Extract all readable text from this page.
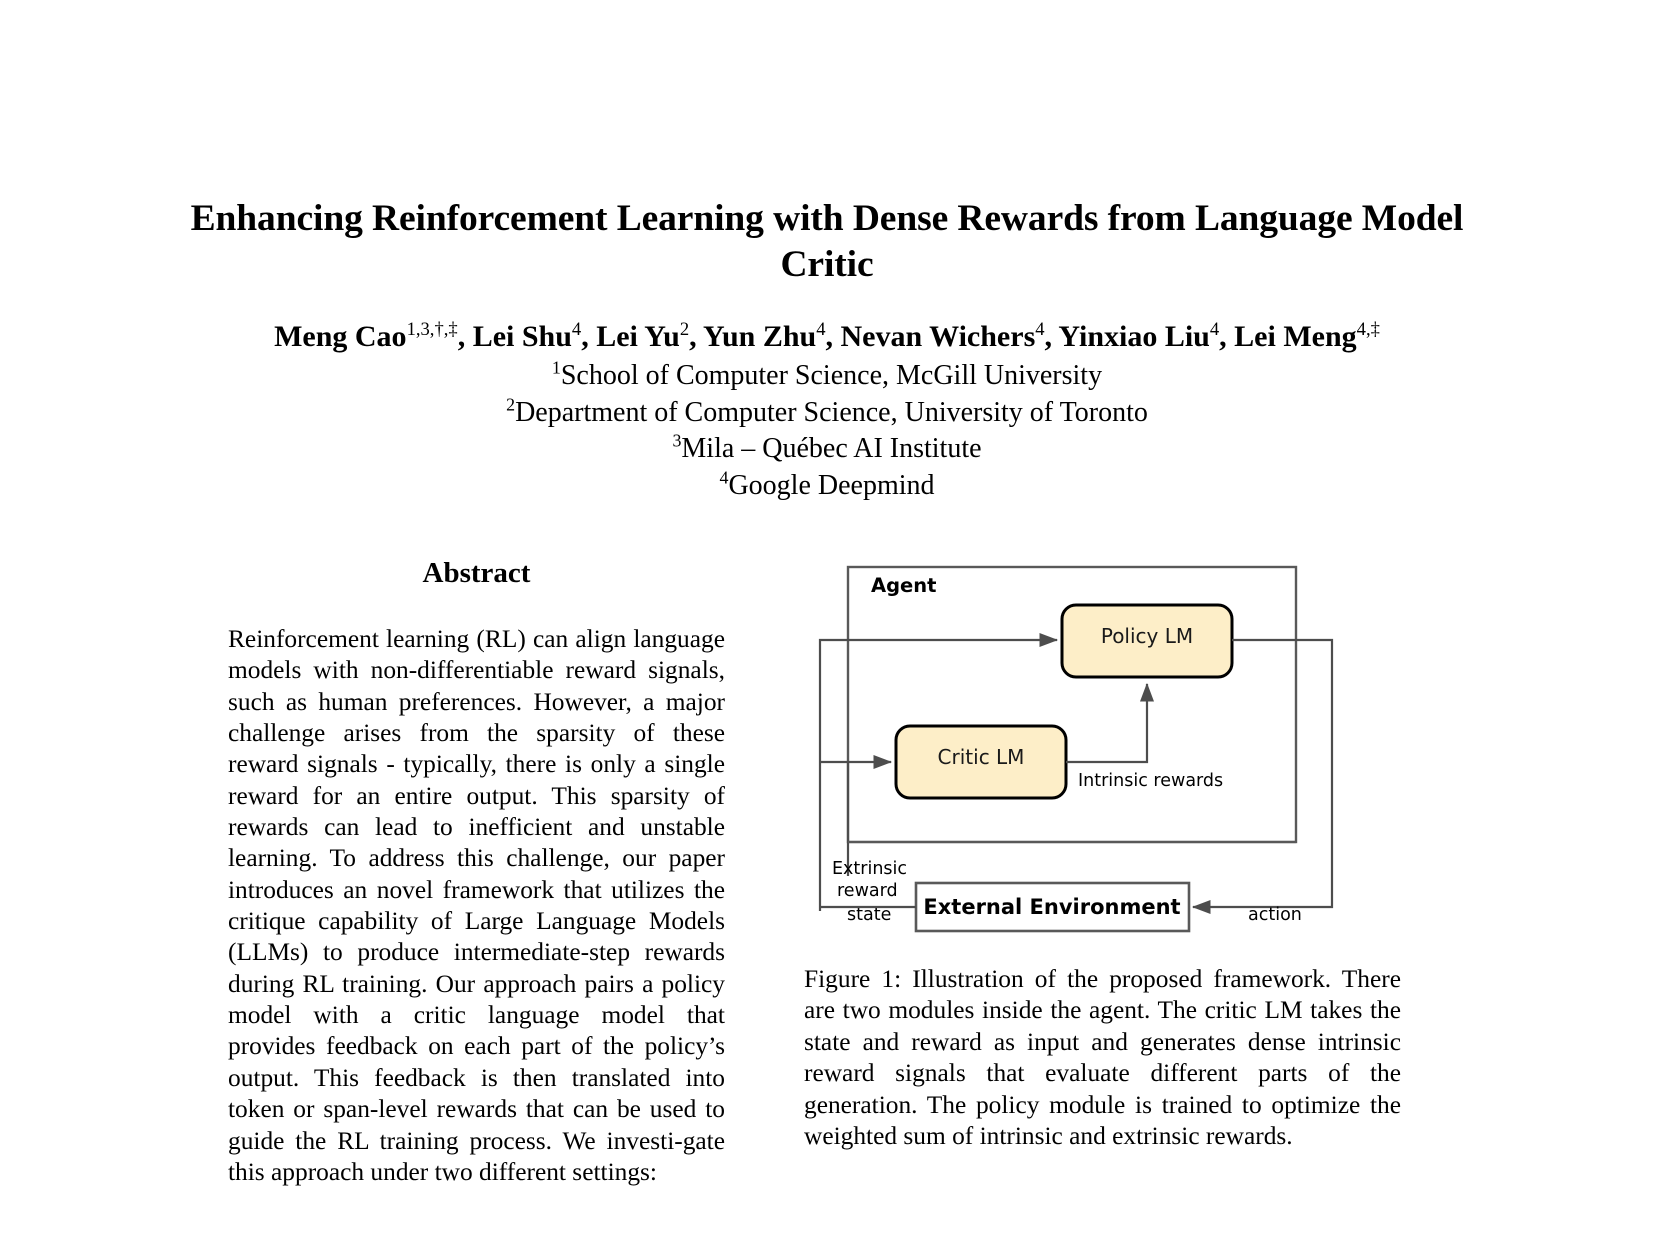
Enhancing Reinforcement Learning with Dense Rewards from Language Model Critic
Meng Cao$^{1,3,\dagger,\ddagger}$, Lei Shu$^4$, Lei Yu$^2$, Yun Zhu$^4$, Nevan Wichers$^4$, Yinxiao Liu$^4$, Lei Meng$^{4,\ddagger}$
$^1$School of Computer Science, McGill University
$^2$Department of Computer Science, University of Toronto
$^3$Mila – Québec AI Institute
$^4$Google Deepmind
Abstract

Reinforcement learning (RL) can align language models with non-differentiable reward signals, such as human preferences. However, a major challenge arises from the sparsity of these reward signals - typically, there is only a single reward for an entire output. This sparsity of rewards can lead to inefficient and unstable learning. To address this challenge, our paper introduces an novel framework that utilizes the critique capability of Large Language Models (LLMs) to produce intermediate-step rewards during RL training. Our approach pairs a policy model with a critic language model that provides feedback on each part of the policy’s output. This feedback is then translated into token or span-level rewards that can be used to guide the RL training process. We investi-gate this approach under two different settings:

Agent
Policy LM
Critic LM
Intrinsic rewards
Extrinsic
reward
state External Environment	action

Figure 1: Illustration of the proposed framework. There are two modules inside the agent. The critic LM takes the state and reward as input and generates dense intrinsic reward signals that evaluate different parts of the generation. The policy module is trained to optimize the weighted sum of intrinsic and extrinsic rewards.
